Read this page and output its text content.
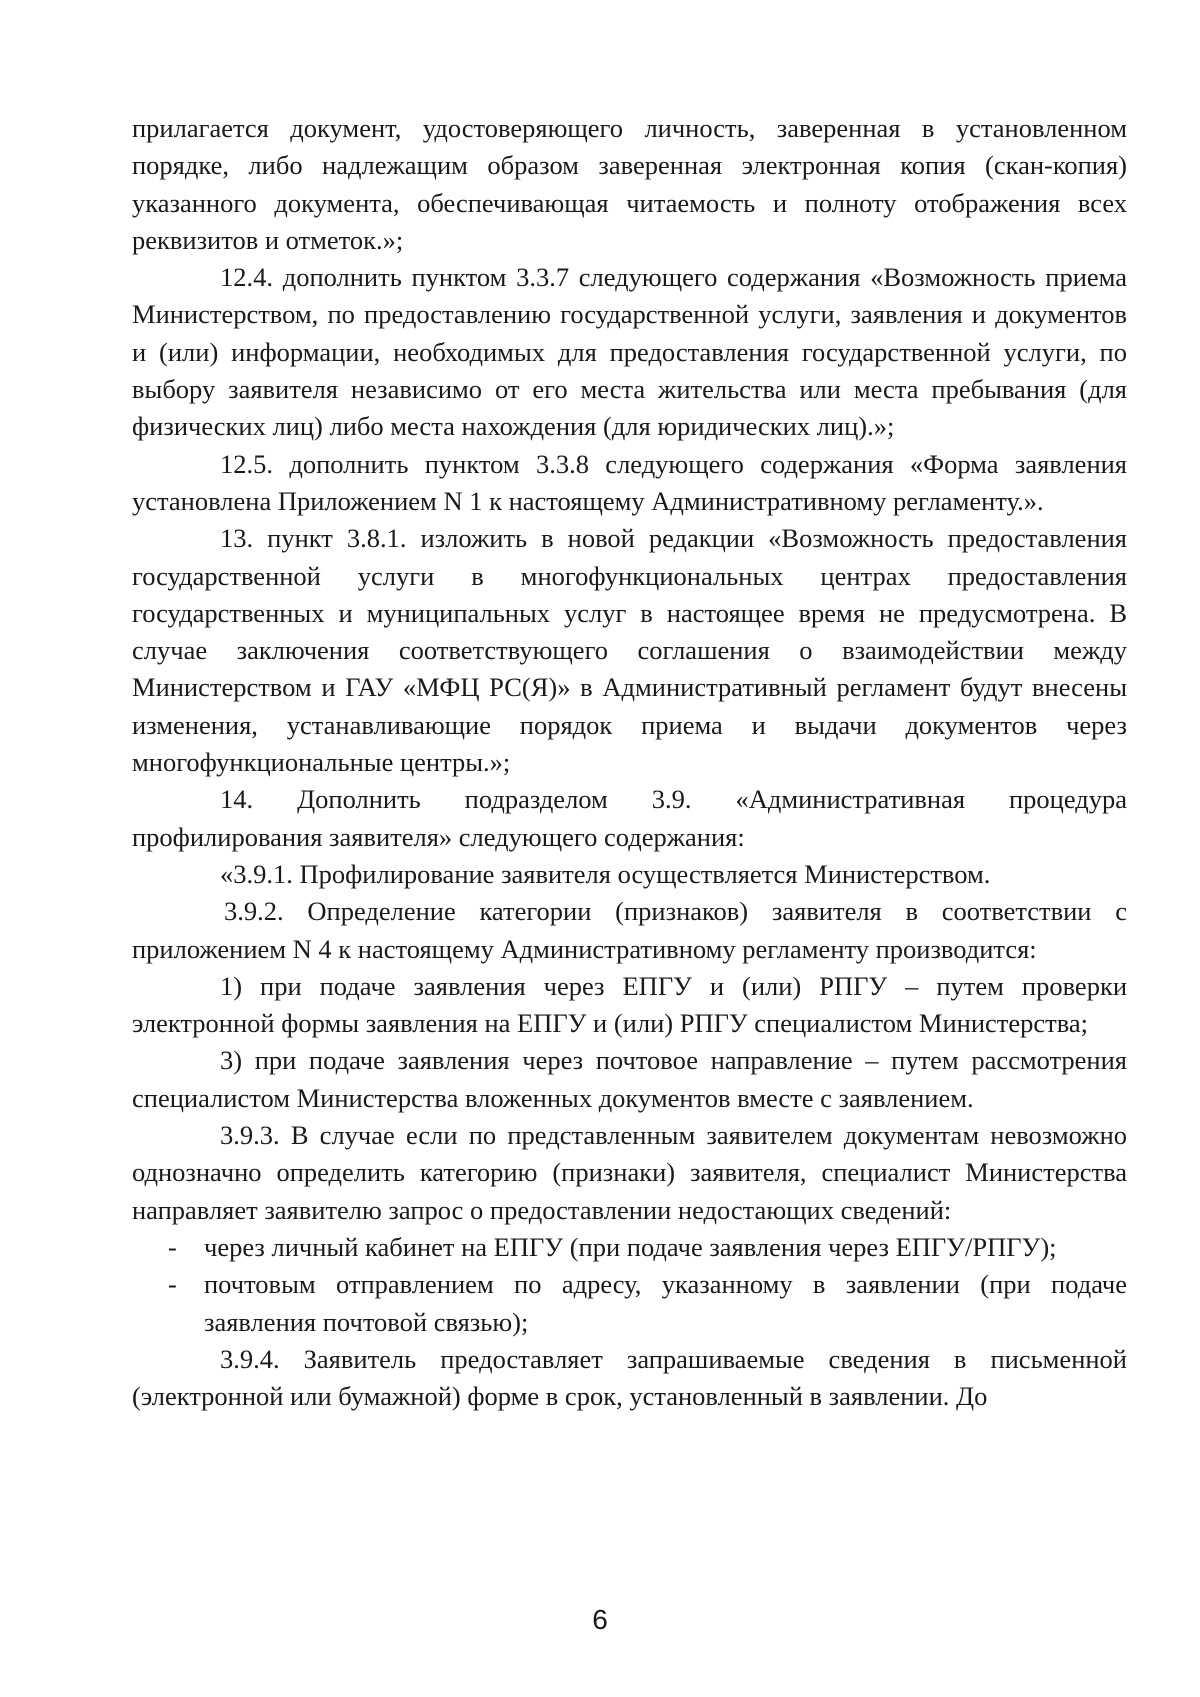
прилагается документ, удостоверяющего личность, заверенная в установленном порядке, либо надлежащим образом заверенная электронная копия (скан-копия) указанного документа, обеспечивающая читаемость и полноту отображения всех реквизитов и отметок.»;

12.4. дополнить пунктом 3.3.7 следующего содержания «Возможность приема Министерством, по предоставлению государственной услуги, заявления и документов и (или) информации, необходимых для предоставления государственной услуги, по выбору заявителя независимо от его места жительства или места пребывания (для физических лиц) либо места нахождения (для юридических лиц).»;

12.5. дополнить пунктом 3.3.8 следующего содержания «Форма заявления установлена Приложением N 1 к настоящему Административному регламенту.».

13. пункт 3.8.1. изложить в новой редакции «Возможность предоставления государственной услуги в многофункциональных центрах предоставления государственных и муниципальных услуг в настоящее время не предусмотрена. В случае заключения соответствующего соглашения о взаимодействии между Министерством и ГАУ «МФЦ РС(Я)» в Административный регламент будут внесены изменения, устанавливающие порядок приема и выдачи документов через многофункциональные центры.»;

14. Дополнить подразделом 3.9. «Административная процедура профилирования заявителя» следующего содержания:

«3.9.1. Профилирование заявителя осуществляется Министерством.

3.9.2. Определение категории (признаков) заявителя в соответствии с приложением N 4 к настоящему Административному регламенту производится:

1) при подаче заявления через ЕПГУ и (или) РПГУ – путем проверки электронной формы заявления на ЕПГУ и (или) РПГУ специалистом Министерства;

3) при подаче заявления через почтовое направление – путем рассмотрения специалистом Министерства вложенных документов вместе с заявлением.

3.9.3. В случае если по представленным заявителем документам невозможно однозначно определить категорию (признаки) заявителя, специалист Министерства направляет заявителю запрос о предоставлении недостающих сведений:

- через личный кабинет на ЕПГУ (при подаче заявления через ЕПГУ/РПГУ);
- почтовым отправлением по адресу, указанному в заявлении (при подаче заявления почтовой связью);

3.9.4. Заявитель предоставляет запрашиваемые сведения в письменной (электронной или бумажной) форме в срок, установленный в заявлении. До

6
